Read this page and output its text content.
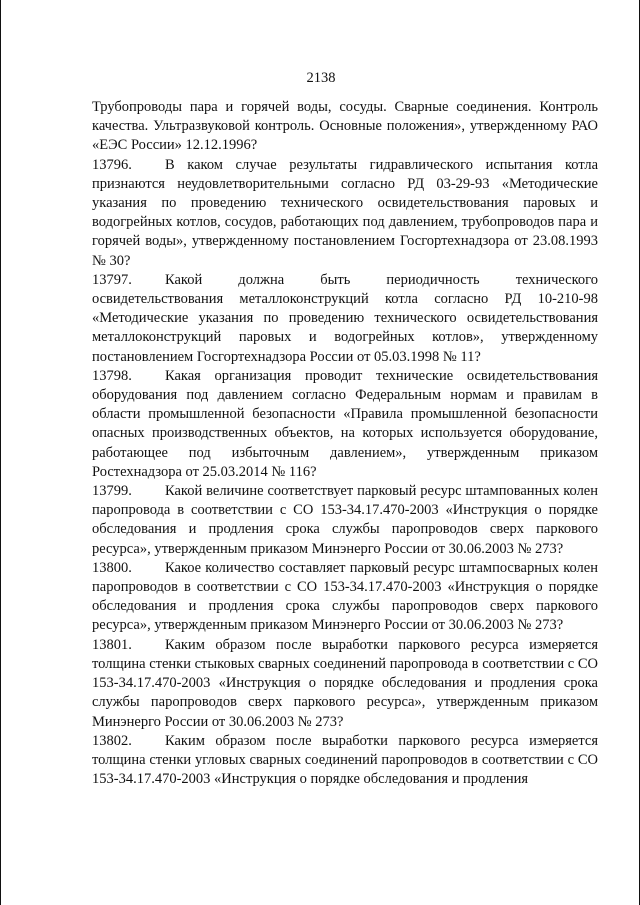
2138

Трубопроводы пара и горячей воды, сосуды. Сварные соединения. Контроль качества. Ультразвуковой контроль. Основные положения», утвержденному РАО «ЕЭС России» 12.12.1996?

13796. В каком случае результаты гидравлического испытания котла признаются неудовлетворительными согласно РД 03-29-93 «Методические указания по проведению технического освидетельствования паровых и водогрейных котлов, сосудов, работающих под давлением, трубопроводов пара и горячей воды», утвержденному постановлением Госгортехнадзора от 23.08.1993 № 30?

13797. Какой должна быть периодичность технического освидетельствования металлоконструкций котла согласно РД 10-210-98 «Методические указания по проведению технического освидетельствования металлоконструкций паровых и водогрейных котлов», утвержденному постановлением Госгортехнадзора России от 05.03.1998 № 11?

13798. Какая организация проводит технические освидетельствования оборудования под давлением согласно Федеральным нормам и правилам в области промышленной безопасности «Правила промышленной безопасности опасных производственных объектов, на которых используется оборудование, работающее под избыточным давлением», утвержденным приказом Ростехнадзора от 25.03.2014 № 116?

13799. Какой величине соответствует парковый ресурс штампованных колен паропровода в соответствии с СО 153-34.17.470-2003 «Инструкция о порядке обследования и продления срока службы паропроводов сверх паркового ресурса», утвержденным приказом Минэнерго России от 30.06.2003 № 273?

13800. Какое количество составляет парковый ресурс штампосварных колен паропроводов в соответствии с СО 153-34.17.470-2003 «Инструкция о порядке обследования и продления срока службы паропроводов сверх паркового ресурса», утвержденным приказом Минэнерго России от 30.06.2003 № 273?

13801. Каким образом после выработки паркового ресурса измеряется толщина стенки стыковых сварных соединений паропровода в соответствии с СО 153-34.17.470-2003 «Инструкция о порядке обследования и продления срока службы паропроводов сверх паркового ресурса», утвержденным приказом Минэнерго России от 30.06.2003 № 273?

13802. Каким образом после выработки паркового ресурса измеряется толщина стенки угловых сварных соединений паропроводов в соответствии с СО 153-34.17.470-2003 «Инструкция о порядке обследования и продления
